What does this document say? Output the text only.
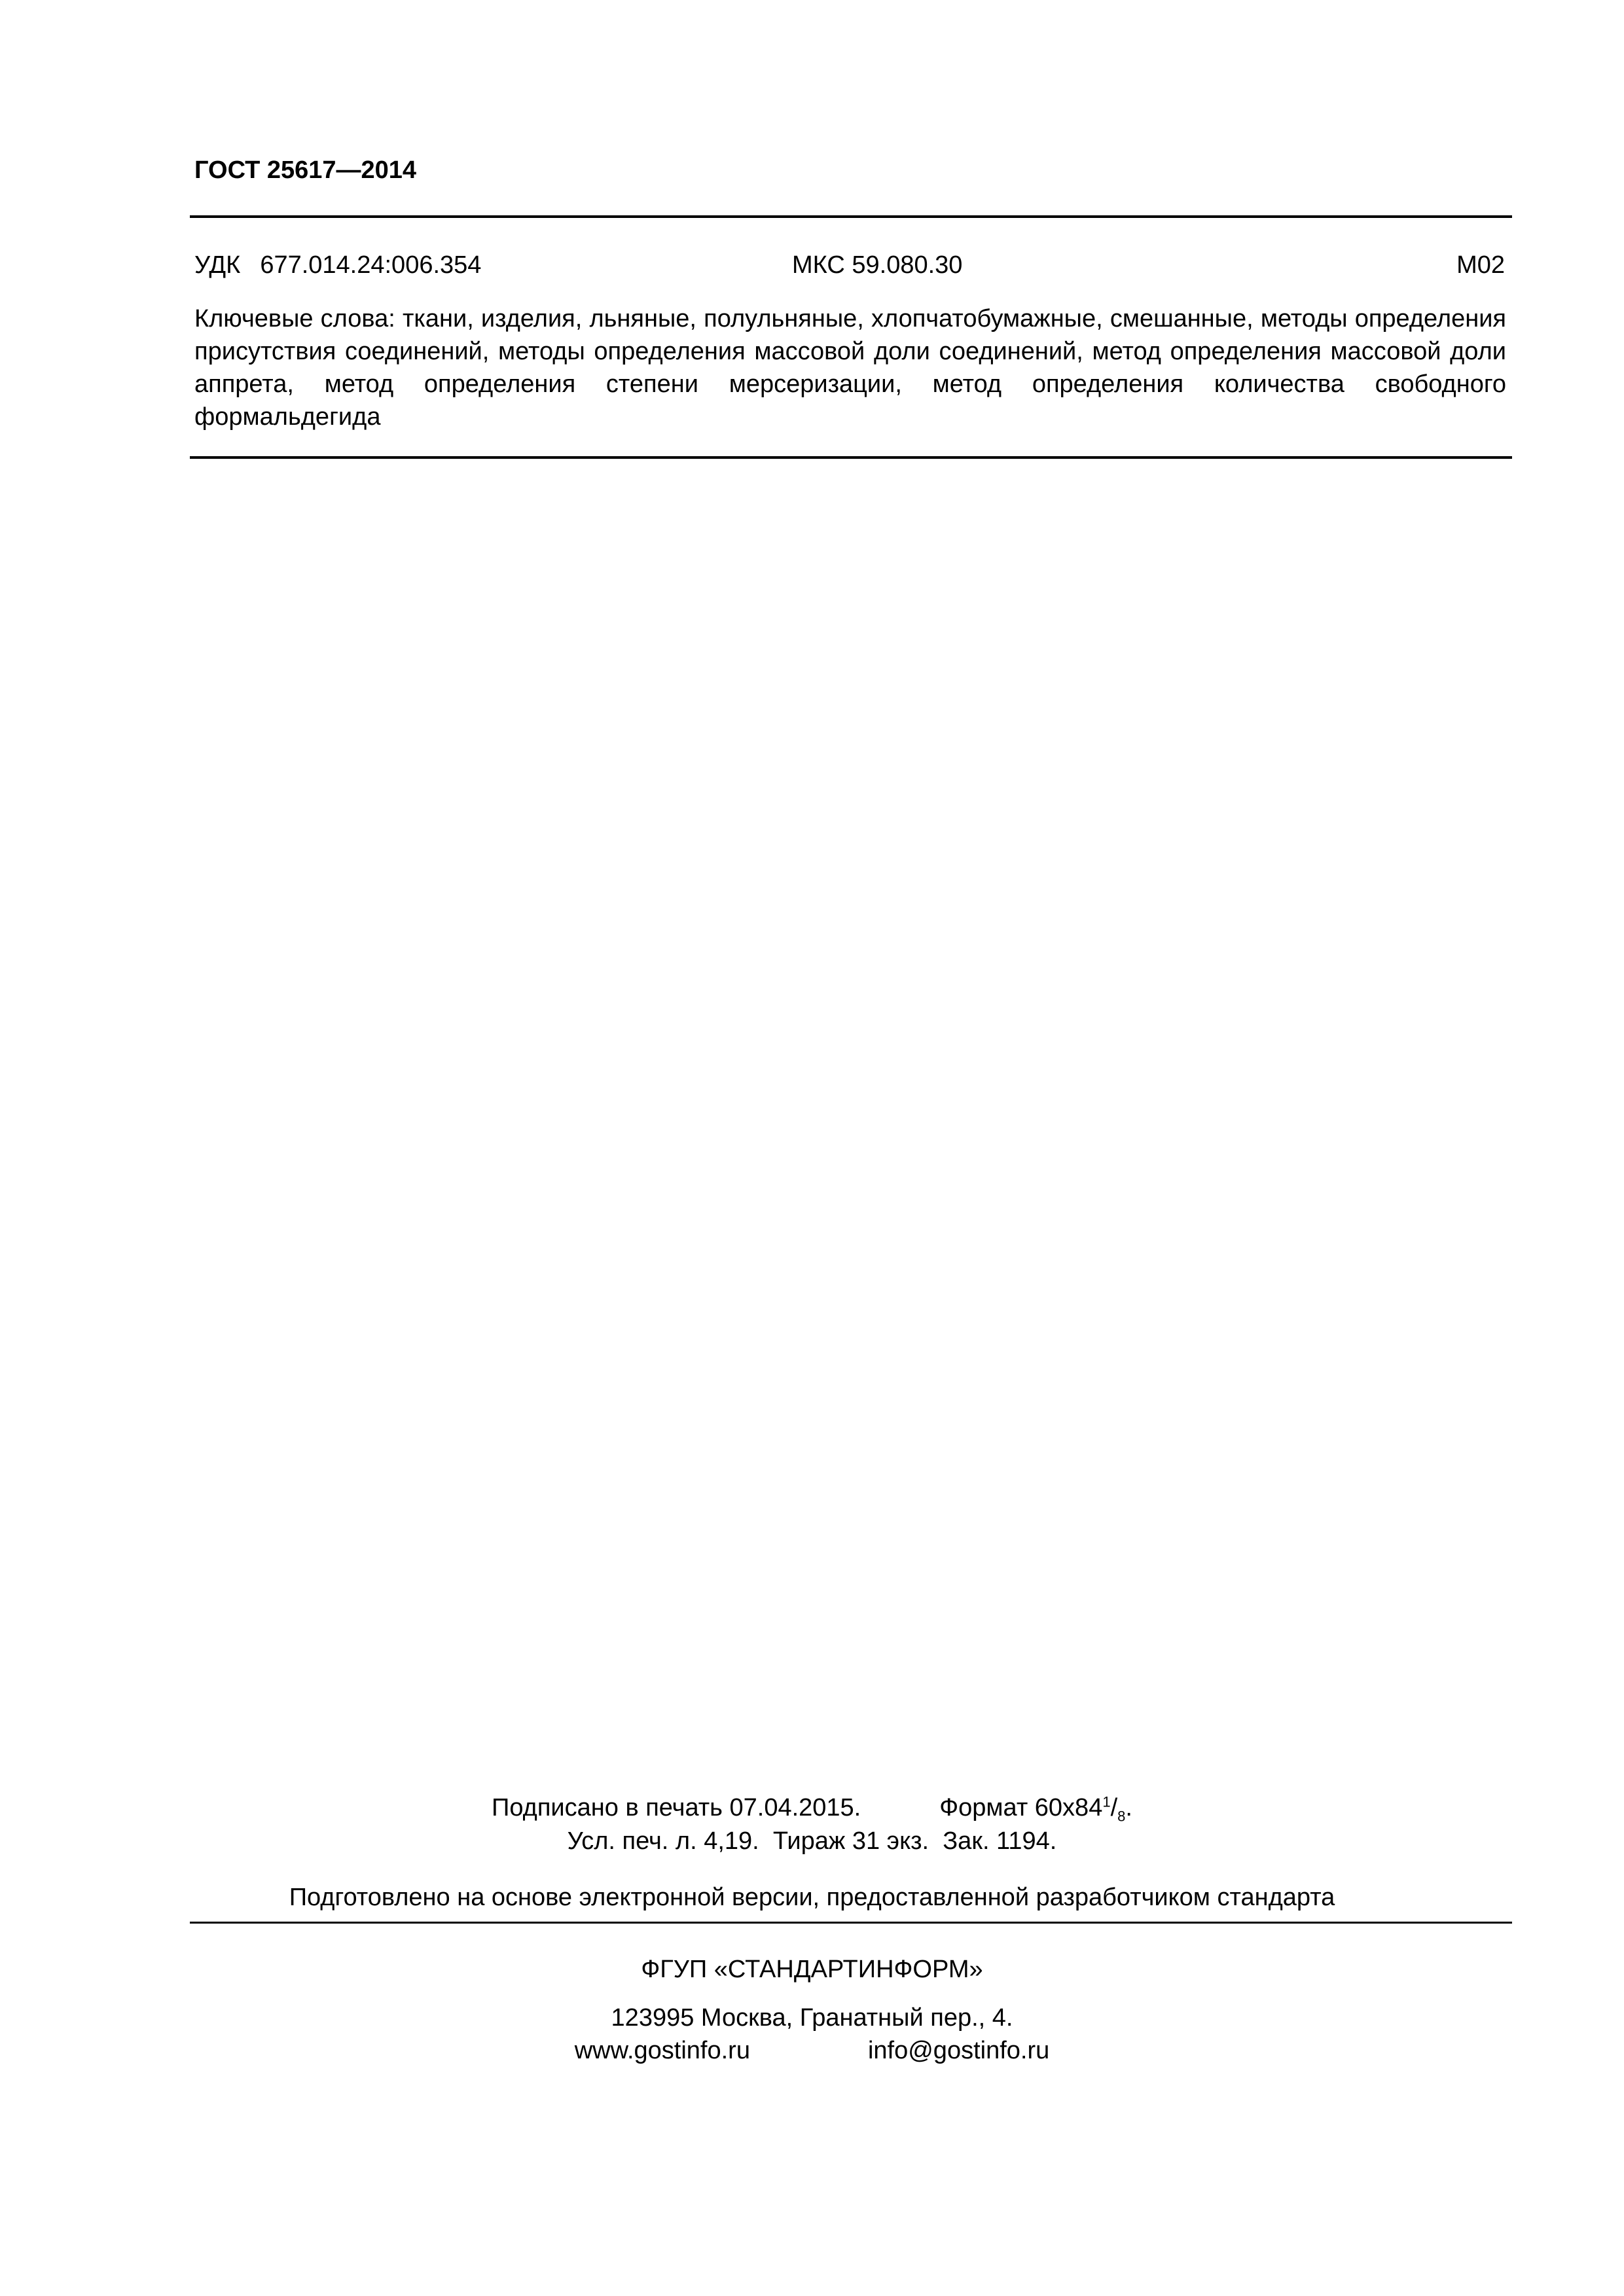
ГОСТ 25617—2014
УДК 677.014.24:006.354	МКС 59.080.30	М02
Ключевые слова: ткани, изделия, льняные, полульняные, хлопчатобумажные, смешанные, методы определения присутствия соединений, методы определения массовой доли соединений, метод определения массовой доли аппрета, метод определения степени мерсеризации, метод определения количества свободного формальдегида
Подписано в печать 07.04.2015.	Формат $60х84^1/_8$.
Усл. печ. л. 4,19. Тираж 31 экз. Зак. 1194.
Подготовлено на основе электронной версии, предоставленной разработчиком стандарта
ФГУП «СТАНДАРТИНФОРМ»
123995 Москва, Гранатный пер., 4.
www.gostinfo.ru	info@gostinfo.ru
